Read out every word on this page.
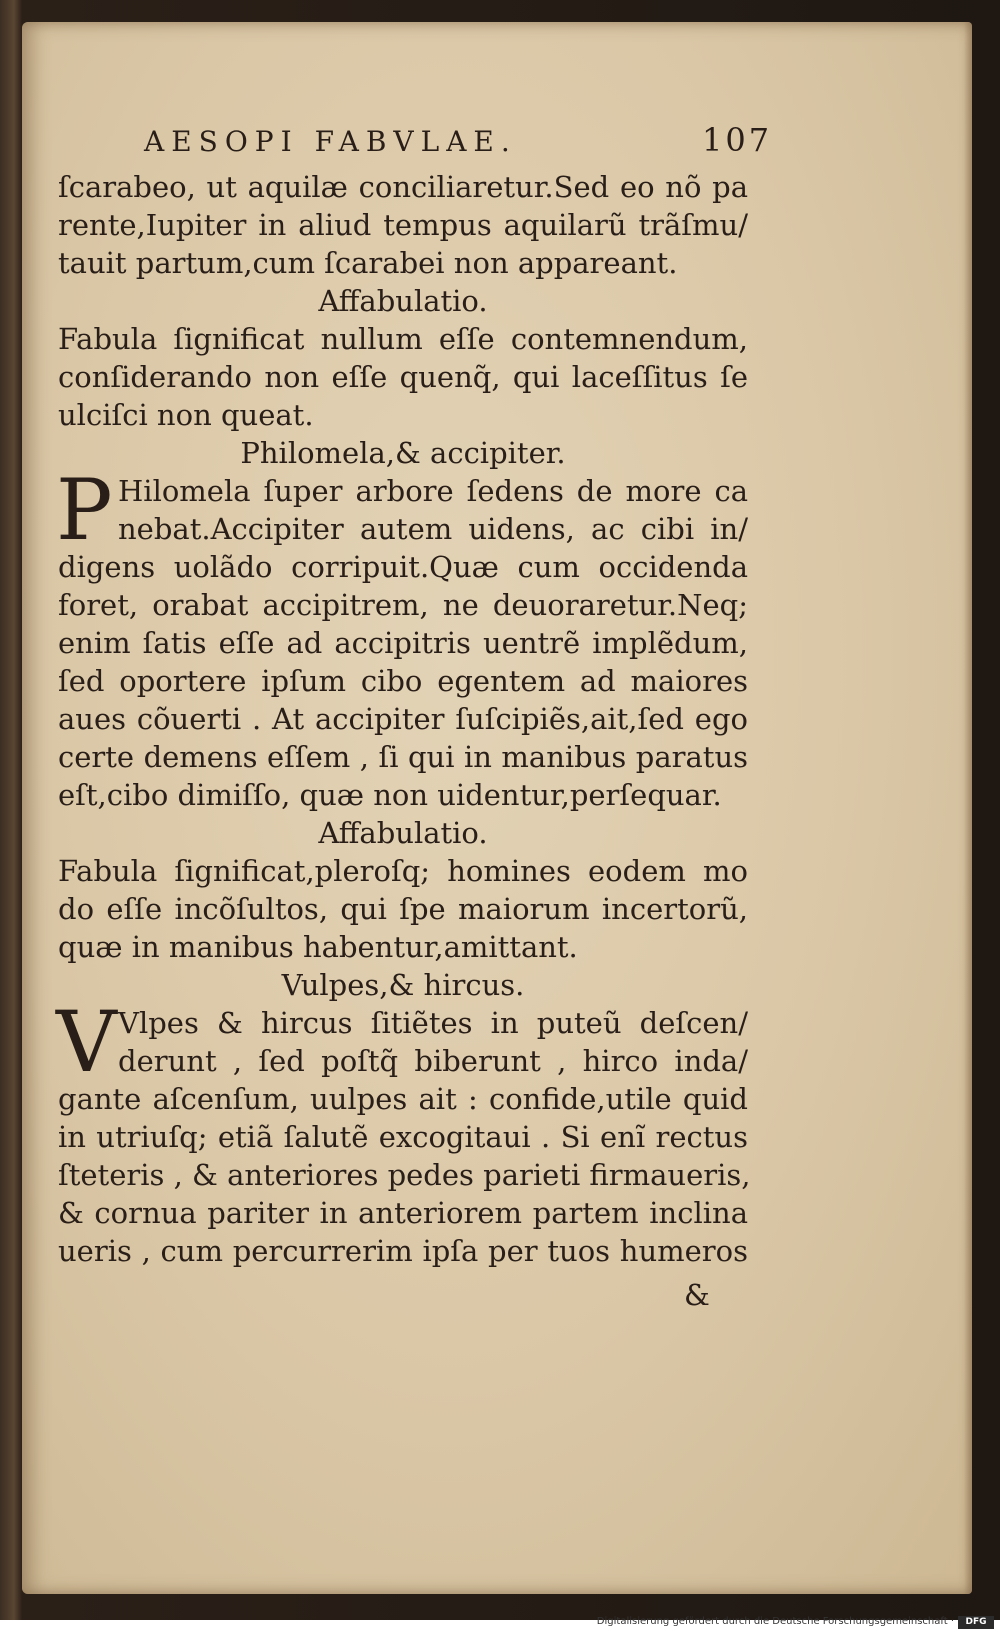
AESOPI FABVLAE.	107
ſcarabeo, ut aquilæ conciliaretur.Sed eo nõ pa
rente,Iupiter in aliud tempus aquilarũ trãſmu/
tauit partum,cum ſcarabei non appareant.
Affabulatio.
Fabula ſignificat nullum eſſe contemnendum,
conſiderando non eſſe quenq̃, qui laceſſitus ſe
ulciſci non queat.
Philomela,& accipiter.
P Hilomela ſuper arbore ſedens de more ca
nebat.Accipiter autem uidens, ac cibi in/
digens uolãdo corripuit.Quæ cum occidenda
foret, orabat accipitrem, ne deuoraretur.Neq;
enim ſatis eſſe ad accipitris uentrẽ implẽdum,
ſed oportere ipſum cibo egentem ad maiores
aues cõuerti . At accipiter ſuſcipiẽs,ait,ſed ego
certe demens eſſem , ſi qui in manibus paratus
eſt,cibo dimiſſo, quæ non uidentur,perſequar.
Affabulatio.
Fabula ſignificat,pleroſq; homines eodem mo
do eſſe incõſultos, qui ſpe maiorum incertorũ,
quæ in manibus habentur,amittant.
Vulpes,& hircus.
V Vlpes & hircus ſitiẽtes in puteũ deſcen/
derunt , ſed poſtq̃ biberunt , hirco inda/
gante aſcenſum, uulpes ait : confide,utile quid
in utriuſq; etiã ſalutẽ excogitaui . Si enĩ rectus
ſteteris , & anteriores pedes parieti firmaueris,
& cornua pariter in anteriorem partem inclina
ueris , cum percurrerim ipſa per tuos humeros
&
Digitalisierung gefördert durch die Deutsche Forschungsgemeinschaft ·	DFG
